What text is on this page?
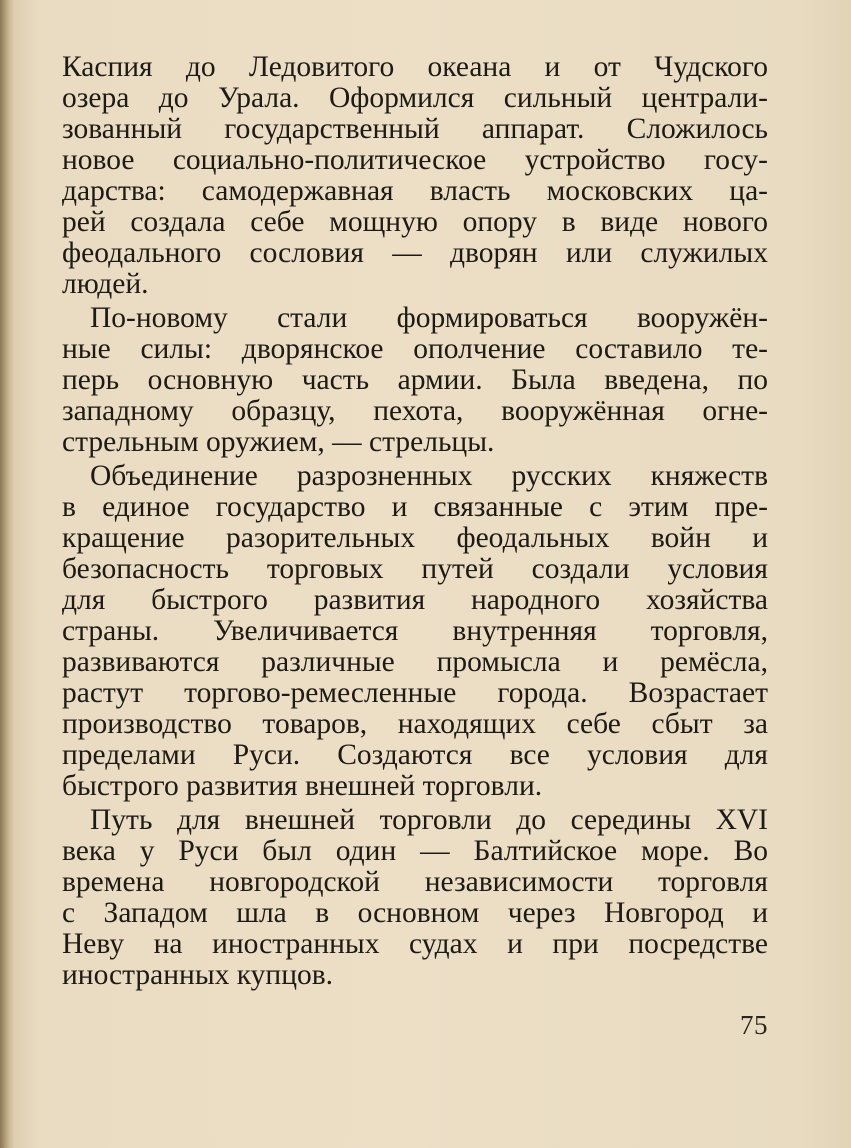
Каспия до Ледовитого океана и от Чудского
озера до Урала. Оформился сильный централи-
зованный государственный аппарат. Сложилось
новое социально-политическое устройство госу-
дарства: самодержавная власть московских ца-
рей создала себе мощную опору в виде нового
феодального сословия — дворян или служилых
людей.
По-новому стали формироваться вооружён-
ные силы: дворянское ополчение составило те-
перь основную часть армии. Была введена, по
западному образцу, пехота, вооружённая огне-
стрельным оружием, — стрельцы.
Объединение разрозненных русских княжеств
в единое государство и связанные с этим пре-
кращение разорительных феодальных войн и
безопасность торговых путей создали условия
для быстрого развития народного хозяйства
страны. Увеличивается внутренняя торговля,
развиваются различные промысла и ремёсла,
растут торгово-ремесленные города. Возрастает
производство товаров, находящих себе сбыт за
пределами Руси. Создаются все условия для
быстрого развития внешней торговли.
Путь для внешней торговли до середины XVI
века у Руси был один — Балтийское море. Во
времена новгородской независимости торговля
с Западом шла в основном через Новгород и
Неву на иностранных судах и при посредстве
иностранных купцов.
75
